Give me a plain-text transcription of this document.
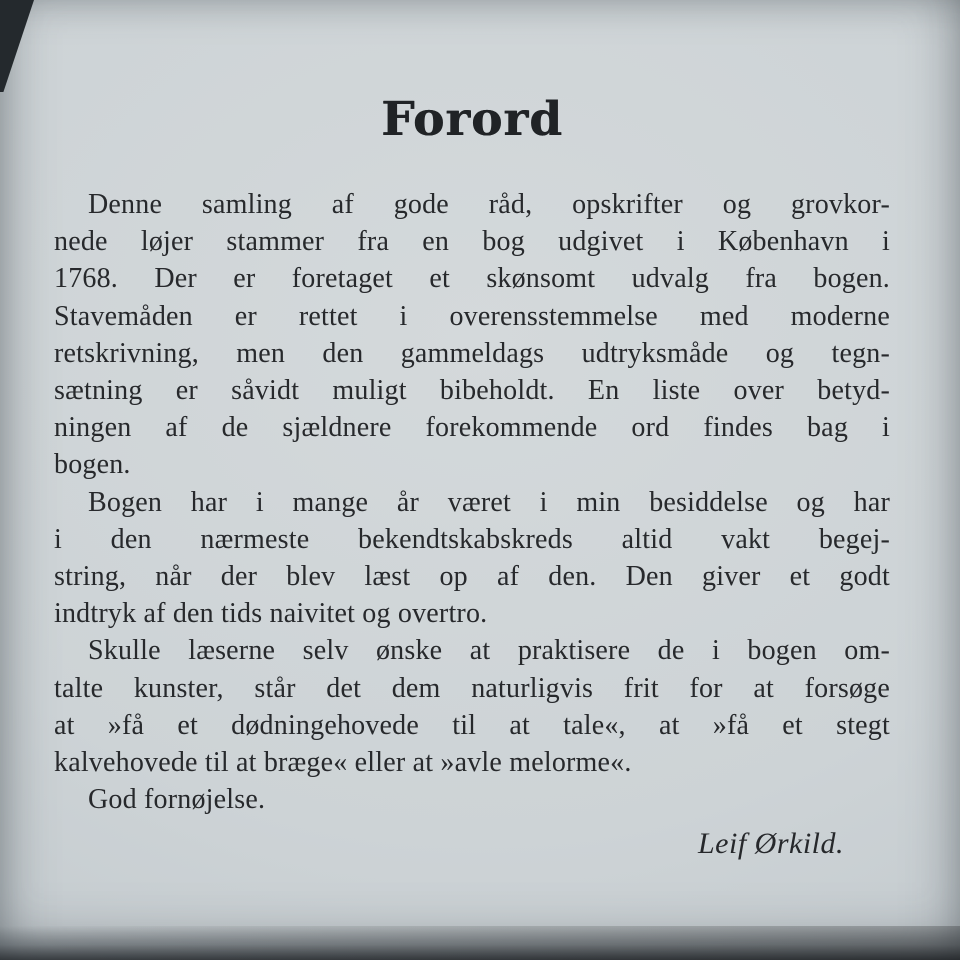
Forord
Denne samling af gode råd, opskrifter og grovkor-
nede løjer stammer fra en bog udgivet i København i
1768. Der er foretaget et skønsomt udvalg fra bogen.
Stavemåden er rettet i overensstemmelse med moderne
retskrivning, men den gammeldags udtryksmåde og tegn-
sætning er såvidt muligt bibeholdt. En liste over betyd-
ningen af de sjældnere forekommende ord findes bag i
bogen.
Bogen har i mange år været i min besiddelse og har
i den nærmeste bekendtskabskreds altid vakt begej-
string, når der blev læst op af den. Den giver et godt
indtryk af den tids naivitet og overtro.
Skulle læserne selv ønske at praktisere de i bogen om-
talte kunster, står det dem naturligvis frit for at forsøge
at »få et dødningehovede til at tale«, at »få et stegt
kalvehovede til at bræge« eller at »avle melorme«.
God fornøjelse.
Leif Ørkild.
